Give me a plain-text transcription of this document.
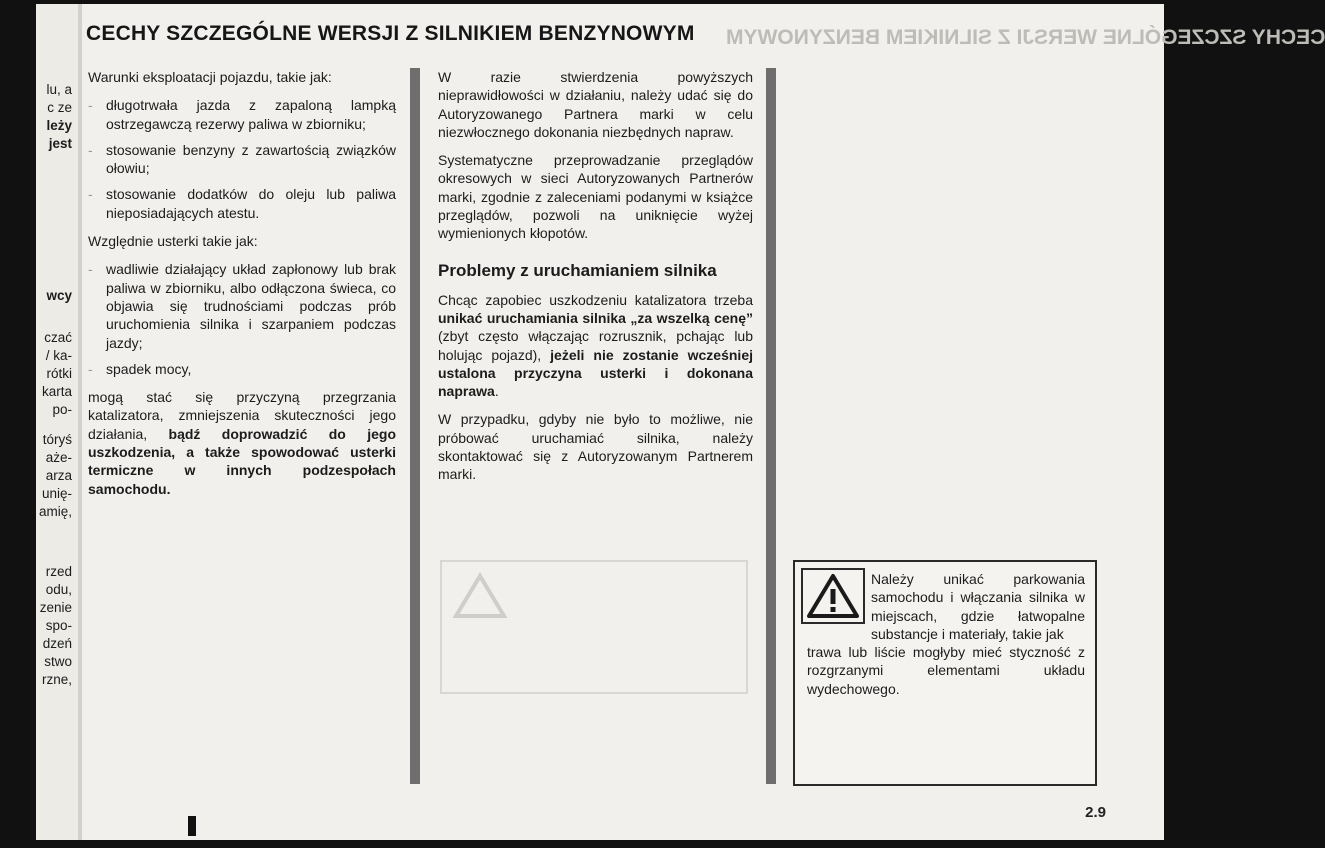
lu, a
c ze
leży
jest
wcy
czać
/ ka-
rótki
karta
po-
tóryś
aże-
arza
unię-
amię,
rzed
odu,
zenie
spo-
dzeń
stwo
rzne,
CECHY SZCZEGÓLNE WERSJI Z SILNIKIEM BENZYNOWYM
CECHY SZCZEGÓLNE WERSJI Z SILNIKIEM BENZYNOWYM

Warunki eksploatacji pojazdu, takie jak:

- długotrwała jazda z zapaloną lampką ostrzegawczą rezerwy paliwa w zbiorniku;
- stosowanie benzyny z zawartością związków ołowiu;
- stosowanie dodatków do oleju lub paliwa nieposiadających atestu.

Względnie usterki takie jak:

- wadliwie działający układ zapłonowy lub brak paliwa w zbiorniku, albo odłączona świeca, co objawia się trudnościami podczas prób uruchomienia silnika i szarpaniem podczas jazdy;
- spadek mocy,

mogą stać się przyczyną przegrzania katalizatora, zmniejszenia skuteczności jego działania, bądź doprowadzić do jego uszkodzenia, a także spowodować usterki termiczne w innych podzespołach samochodu.

W razie stwierdzenia powyższych nieprawidłowości w działaniu, należy udać się do Autoryzowanego Partnera marki w celu niezwłocznego dokonania niezbędnych napraw.

Systematyczne przeprowadzanie przeglądów okresowych w sieci Autoryzowanych Partnerów marki, zgodnie z zaleceniami podanymi w książce przeglądów, pozwoli na uniknięcie wyżej wymienionych kłopotów.

Problemy z uruchamianiem silnika

Chcąc zapobiec uszkodzeniu katalizatora trzeba unikać uruchamiania silnika „za wszelką cenę” (zbyt często włączając rozrusznik, pchając lub holując pojazd), jeżeli nie zostanie wcześniej ustalona przyczyna usterki i dokonana naprawa.

W przypadku, gdyby nie było to możliwe, nie próbować uruchamiać silnika, należy skontaktować się z Autoryzowanym Partnerem marki.

Należy unikać parkowania samochodu i włączania silnika w miejscach, gdzie łatwopalne substancje i materiały, takie jak
trawa lub liście mogłyby mieć styczność z rozgrzanymi elementami układu wydechowego.
2.9
